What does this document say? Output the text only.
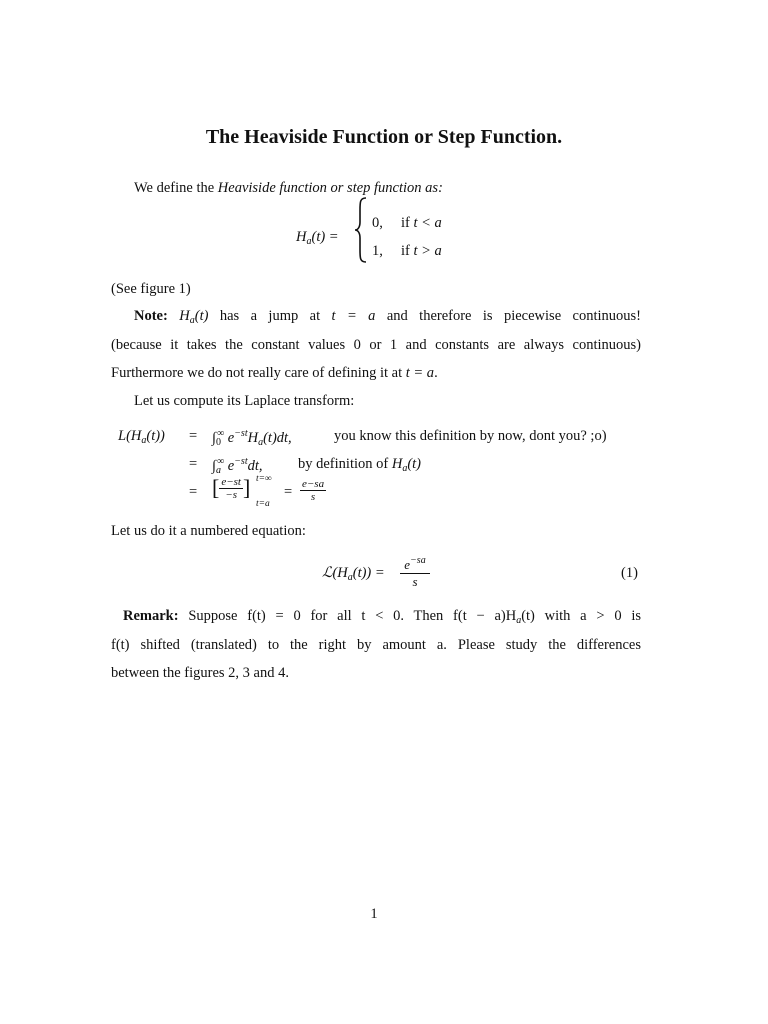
The Heaviside Function or Step Function.
We define the Heaviside function or step function as:
$H_a(t)$ =
0, if t < a
1, if t > a
(See figure 1)
Note: $H_a(t)$ has a jump at t = a and therefore is piecewise continuous!
(because it takes the constant values 0 or 1 and constants are always continuous)
Furthermore we do not really care of defining it at t = a.
Let us compute its Laplace transform:
$L(H_a(t)) = \int_0^\infty$ $e^{-st}H_a(t)dt$,	you know this definition by now, dont you? ;o)
= $\int_a^\infty$ $e^{-st}dt$, by definition of $H_a(t)$
= [ $\frac{e-st}{-s}$ ] t=∞
t=a
= $\frac{e-sa}{s}$
Let us do it a numbered equation:
$ℒ(H_a(t))$ =
$e^{-sa}$
s
(1)
Remark: Suppose f(t) = 0 for all t < 0. Then $f(t - a)H_a(t)$ with a > 0 is
f(t) shifted (translated) to the right by amount a. Please study the differences
between the figures 2, 3 and 4.
1
